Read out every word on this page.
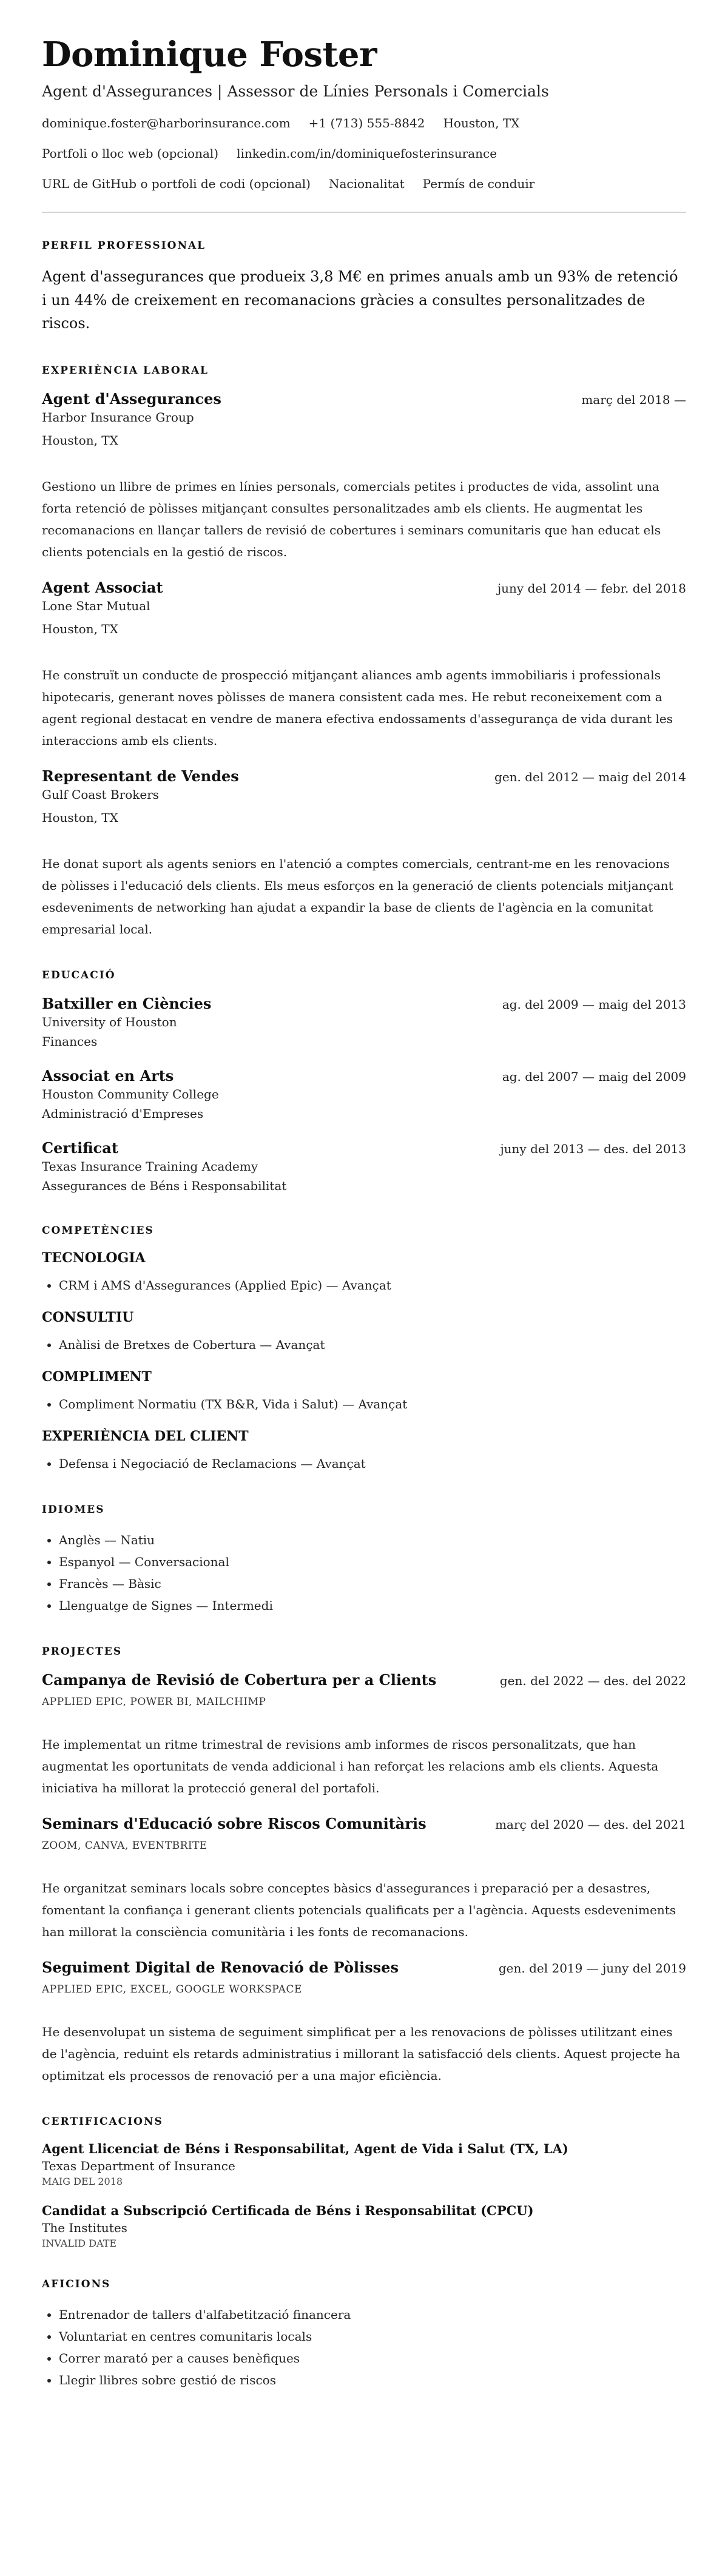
Dominique Foster
Agent d'Assegurances | Assessor de Línies Personals i Comercials
dominique.foster@harborinsurance.com +1 (713) 555-8842 Houston, TX
Portfoli o lloc web (opcional) linkedin.com/in/dominiquefosterinsurance
URL de GitHub o portfoli de codi (opcional) Nacionalitat Permís de conduir
PERFIL PROFESSIONAL

Agent d'assegurances que produeix 3,8 M€ en primes anuals amb un 93% de retenció i un 44% de creixement en recomanacions gràcies a consultes personalitzades de riscos.

EXPERIÈNCIA LABORAL
Agent d'Assegurances	març del 2018 —
Harbor Insurance Group
Houston, TX

Gestiono un llibre de primes en línies personals, comercials petites i productes de vida, assolint una forta retenció de pòlisses mitjançant consultes personalitzades amb els clients. He augmentat les recomanacions en llançar tallers de revisió de cobertures i seminars comunitaris que han educat els clients potencials en la gestió de riscos.

Agent Associat	juny del 2014 — febr. del 2018
Lone Star Mutual
Houston, TX

He construït un conducte de prospecció mitjançant aliances amb agents immobiliaris i professionals hipotecaris, generant noves pòlisses de manera consistent cada mes. He rebut reconeixement com a agent regional destacat en vendre de manera efectiva endossaments d'assegurança de vida durant les interaccions amb els clients.

Representant de Vendes	gen. del 2012 — maig del 2014
Gulf Coast Brokers
Houston, TX

He donat suport als agents seniors en l'atenció a comptes comercials, centrant-me en les renovacions de pòlisses i l'educació dels clients. Els meus esforços en la generació de clients potencials mitjançant esdeveniments de networking han ajudat a expandir la base de clients de l'agència en la comunitat empresarial local.

EDUCACIÓ
Batxiller en Ciències	ag. del 2009 — maig del 2013
University of Houston
Finances
Associat en Arts	ag. del 2007 — maig del 2009
Houston Community College
Administració d'Empreses
Certificat	juny del 2013 — des. del 2013
Texas Insurance Training Academy
Assegurances de Béns i Responsabilitat
COMPETÈNCIES
TECNOLOGIA
• CRM i AMS d'Assegurances (Applied Epic) — Avançat
CONSULTIU
• Anàlisi de Bretxes de Cobertura — Avançat
COMPLIMENT
• Compliment Normatiu (TX B&R, Vida i Salut) — Avançat
EXPERIÈNCIA DEL CLIENT
• Defensa i Negociació de Reclamacions — Avançat
IDIOMES
• Anglès — Natiu
• Espanyol — Conversacional
• Francès — Bàsic
• Llenguatge de Signes — Intermedi
PROJECTES
Campanya de Revisió de Cobertura per a Clients	gen. del 2022 — des. del 2022
APPLIED EPIC, POWER BI, MAILCHIMP

He implementat un ritme trimestral de revisions amb informes de riscos personalitzats, que han augmentat les oportunitats de venda addicional i han reforçat les relacions amb els clients. Aquesta iniciativa ha millorat la protecció general del portafoli.

Seminars d'Educació sobre Riscos Comunitàris	març del 2020 — des. del 2021
ZOOM, CANVA, EVENTBRITE

He organitzat seminars locals sobre conceptes bàsics d'assegurances i preparació per a desastres, fomentant la confiança i generant clients potencials qualificats per a l'agència. Aquests esdeveniments han millorat la consciència comunitària i les fonts de recomanacions.

Seguiment Digital de Renovació de Pòlisses	gen. del 2019 — juny del 2019
APPLIED EPIC, EXCEL, GOOGLE WORKSPACE

He desenvolupat un sistema de seguiment simplificat per a les renovacions de pòlisses utilitzant eines de l'agència, reduint els retards administratius i millorant la satisfacció dels clients. Aquest projecte ha optimitzat els processos de renovació per a una major eficiència.

CERTIFICACIONS
Agent Llicenciat de Béns i Responsabilitat, Agent de Vida i Salut (TX, LA)
Texas Department of Insurance
MAIG DEL 2018
Candidat a Subscripció Certificada de Béns i Responsabilitat (CPCU)
The Institutes
INVALID DATE
AFICIONS
• Entrenador de tallers d'alfabetització financera
• Voluntariat en centres comunitaris locals
• Correr marató per a causes benèfiques
• Llegir llibres sobre gestió de riscos
